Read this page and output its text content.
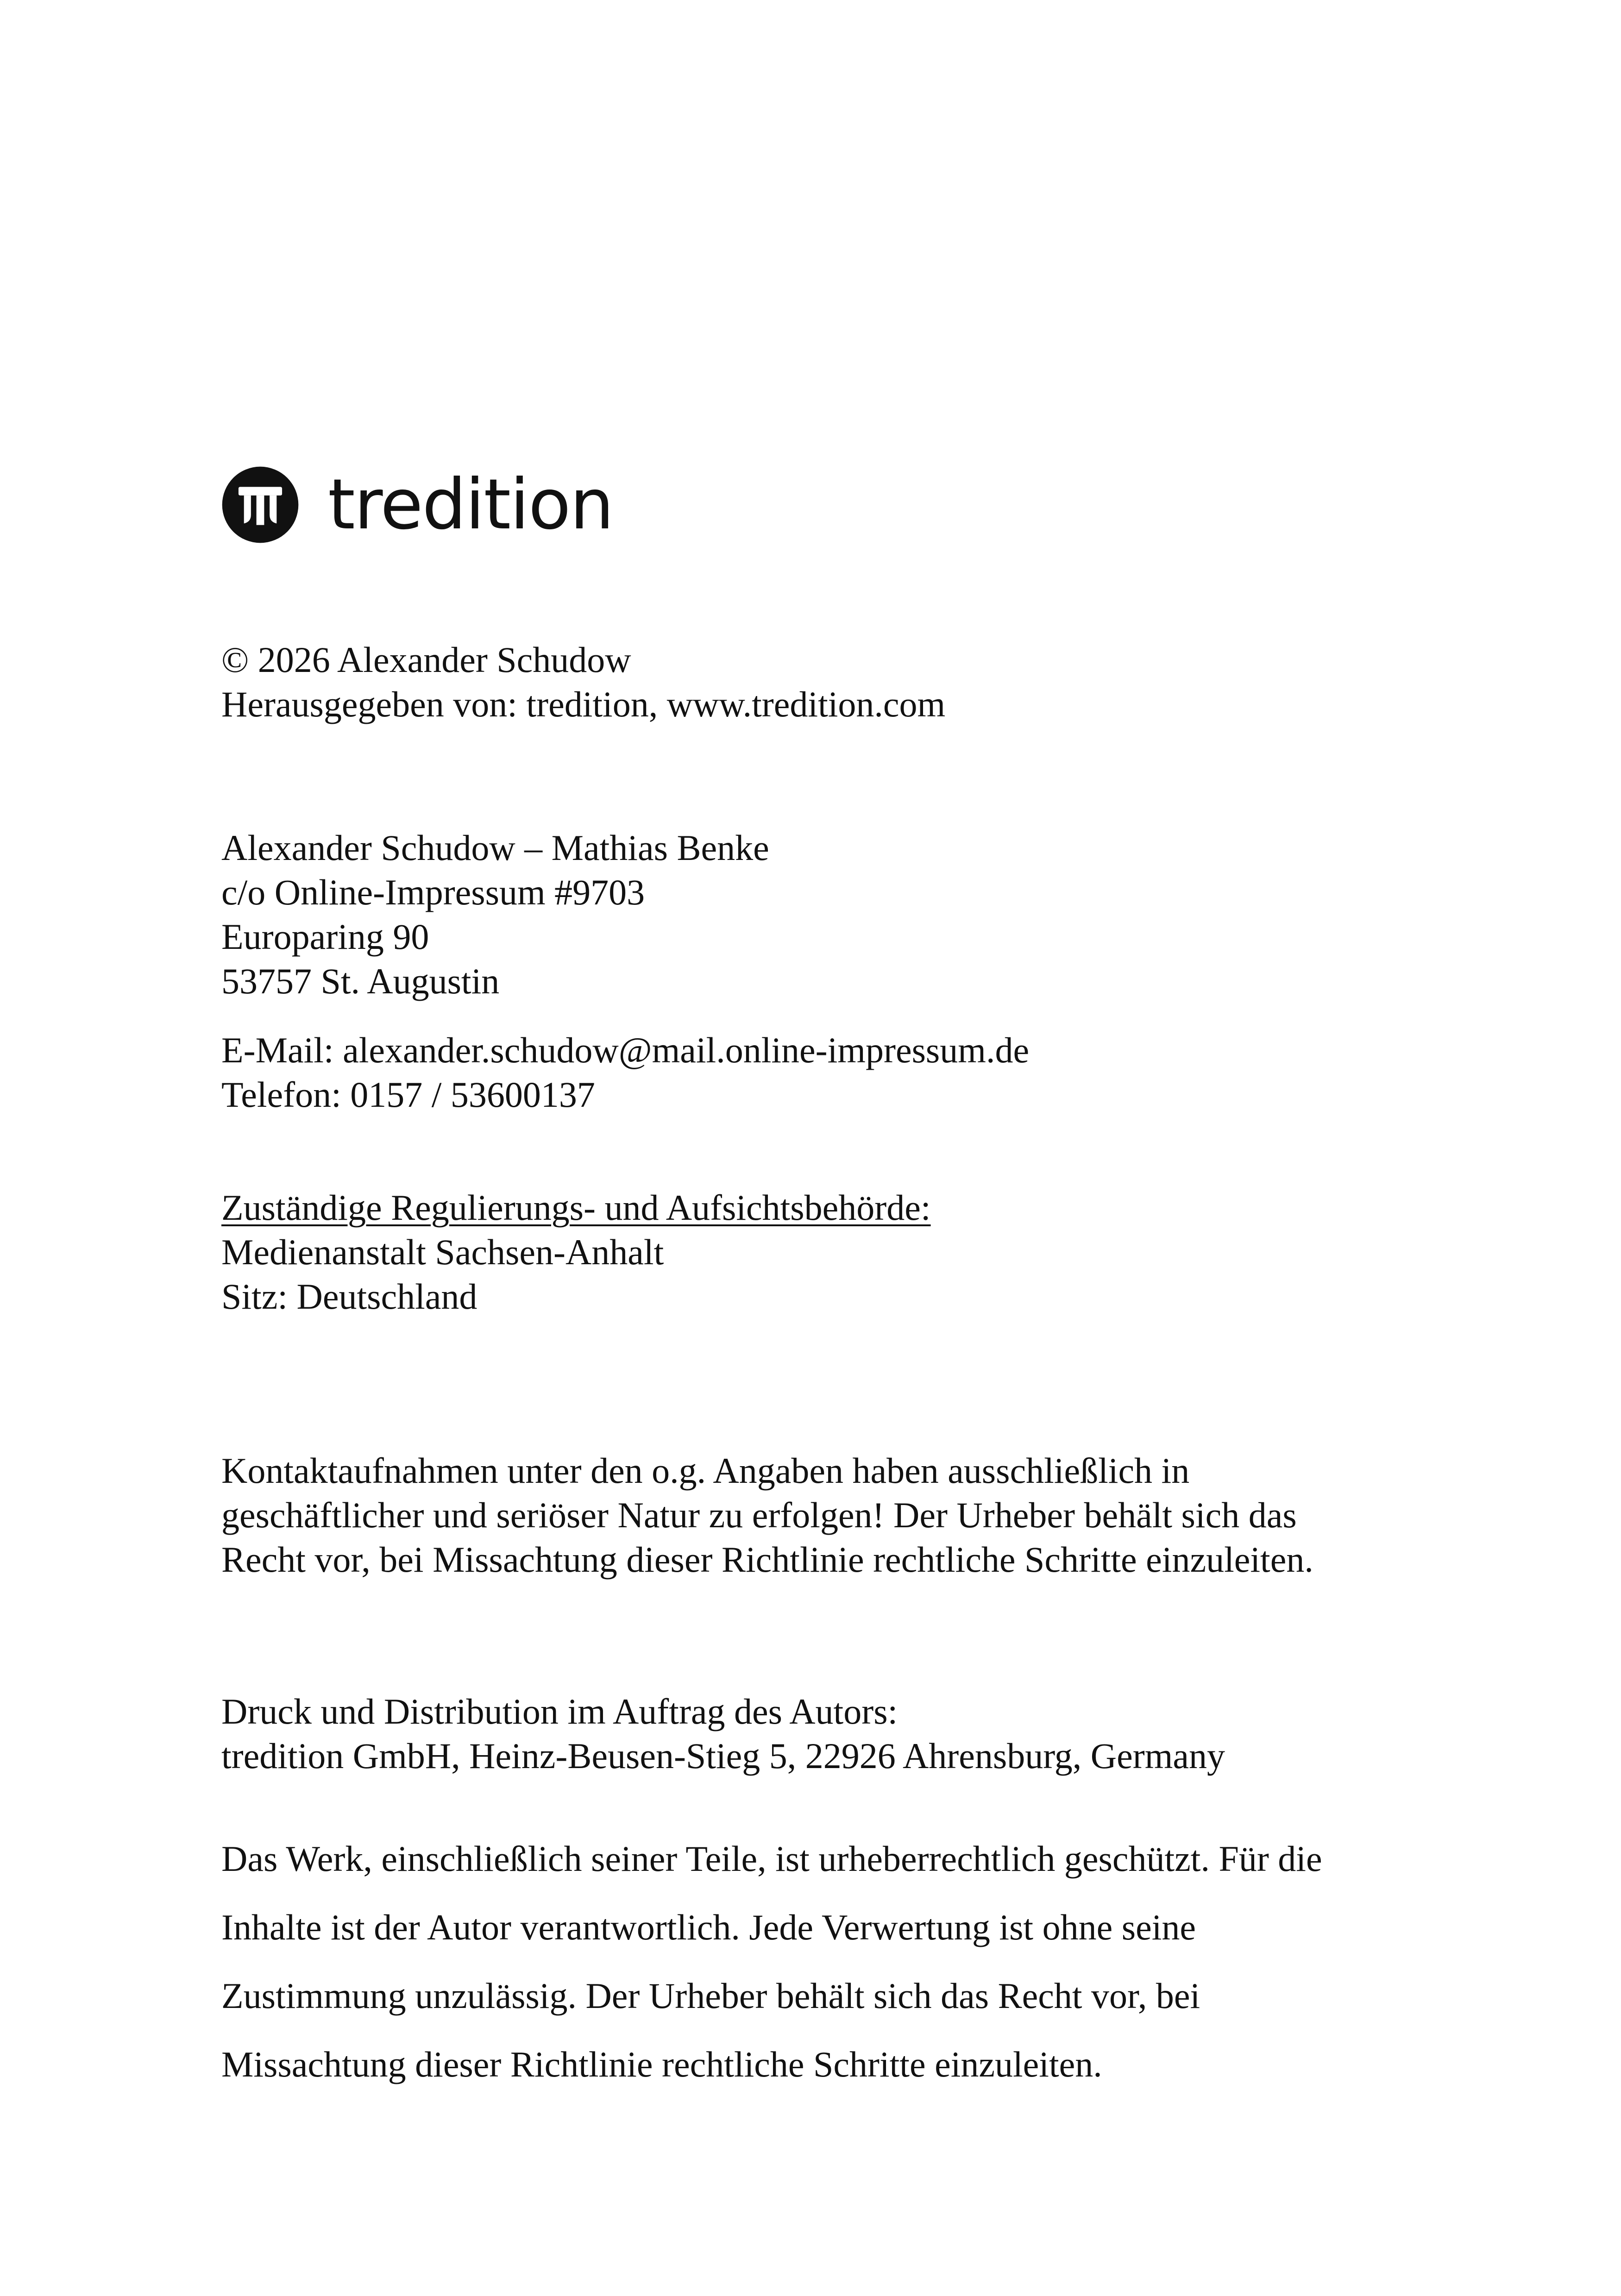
tredition
© 2026 Alexander Schudow
Herausgegeben von: tredition, www.tredition.com
Alexander Schudow – Mathias Benke
c/o Online-Impressum #9703
Europaring 90
53757 St. Augustin
E-Mail: alexander.schudow@mail.online-impressum.de
Telefon: 0157 / 53600137
Zuständige Regulierungs- und Aufsichtsbehörde:
Medienanstalt Sachsen-Anhalt
Sitz: Deutschland
Kontaktaufnahmen unter den o.g. Angaben haben ausschließlich in
geschäftlicher und seriöser Natur zu erfolgen! Der Urheber behält sich das
Recht vor, bei Missachtung dieser Richtlinie rechtliche Schritte einzuleiten.
Druck und Distribution im Auftrag des Autors:
tredition GmbH, Heinz-Beusen-Stieg 5, 22926 Ahrensburg, Germany
Das Werk, einschließlich seiner Teile, ist urheberrechtlich geschützt. Für die
Inhalte ist der Autor verantwortlich. Jede Verwertung ist ohne seine
Zustimmung unzulässig. Der Urheber behält sich das Recht vor, bei
Missachtung dieser Richtlinie rechtliche Schritte einzuleiten.
